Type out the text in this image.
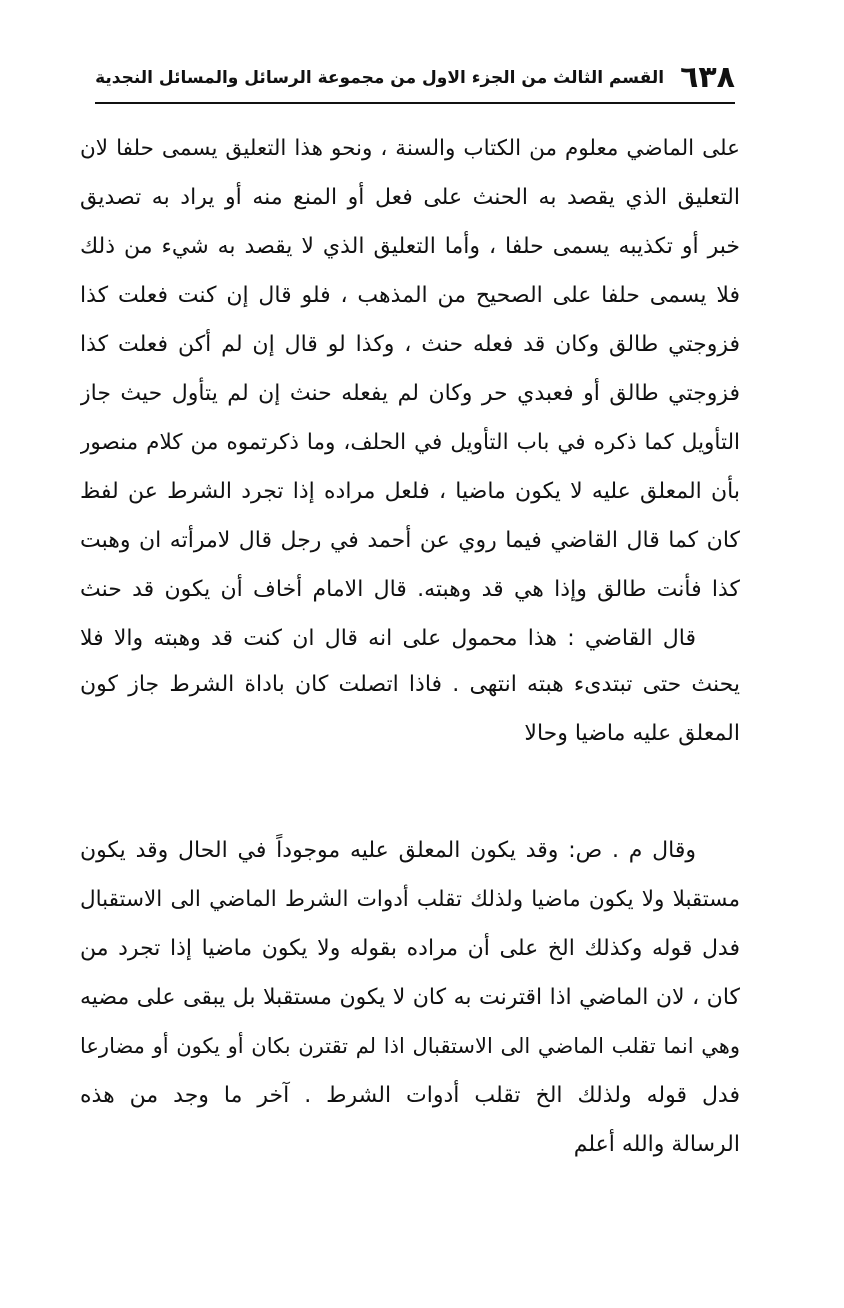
٦٣٨
القسم الثالث من الجزء الاول من مجموعة الرسائل والمسائل النجدية
على الماضي معلوم من الكتاب والسنة ، ونحو هذا التعليق يسمى حلفا لان
التعليق الذي يقصد به الحنث على فعل أو المنع منه أو يراد به تصديق
خبر أو تكذيبه يسمى حلفا ، وأما التعليق الذي لا يقصد به شيء من ذلك
فلا يسمى حلفا على الصحيح من المذهب ، فلو قال إن كنت فعلت كذا
فزوجتي طالق وكان قد فعله حنث ، وكذا لو قال إن لم أكن فعلت كذا
فزوجتي طالق أو فعبدي حر وكان لم يفعله حنث إن لم يتأول حيث جاز
التأويل كما ذكره في باب التأويل في الحلف، وما ذكرتموه من كلام منصور
بأن المعلق عليه لا يكون ماضيا ، فلعل مراده إذا تجرد الشرط عن لفظ
كان كما قال القاضي فيما روي عن أحمد في رجل قال لامرأته ان وهبت
كذا فأنت طالق وإذا هي قد وهبته. قال الامام أخاف أن يكون قد حنث
قال القاضي : هذا محمول على انه قال ان كنت قد وهبته والا فلا
يحنث حتى تبتدىء هبته انتهى . فاذا اتصلت كان باداة الشرط جاز كون
المعلق عليه ماضيا وحالا
وقال م . ص: وقد يكون المعلق عليه موجوداً في الحال وقد يكون
مستقبلا ولا يكون ماضيا ولذلك تقلب أدوات الشرط الماضي الى الاستقبال
فدل قوله وكذلك الخ على أن مراده بقوله ولا يكون ماضيا إذا تجرد من
كان ، لان الماضي اذا اقترنت به كان لا يكون مستقبلا بل يبقى على مضيه
وهي انما تقلب الماضي الى الاستقبال اذا لم تقترن بكان أو يكون أو مضارعا
فدل قوله ولذلك الخ تقلب أدوات الشرط . آخر ما وجد من هذه
الرسالة والله أعلم
